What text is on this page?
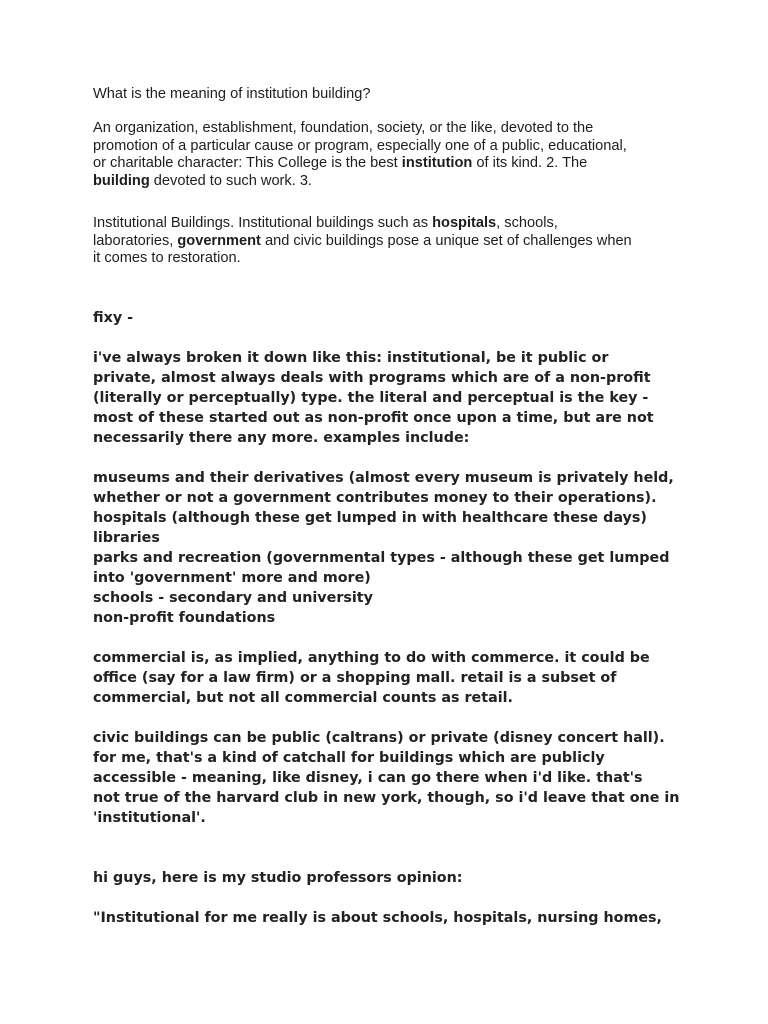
What is the meaning of institution building?

An organization, establishment, foundation, society, or the like, devoted to the
promotion of a particular cause or program, especially one of a public, educational,
or charitable character: This College is the best institution of its kind. 2. The
building devoted to such work. 3.

Institutional Buildings. Institutional buildings such as hospitals, schools,
laboratories, government and civic buildings pose a unique set of challenges when
it comes to restoration.

fixy -
i've always broken it down like this: institutional, be it public or
private, almost always deals with programs which are of a non-profit
(literally or perceptually) type. the literal and perceptual is the key -
most of these started out as non-profit once upon a time, but are not
necessarily there any more. examples include:
museums and their derivatives (almost every museum is privately held,
whether or not a government contributes money to their operations).
hospitals (although these get lumped in with healthcare these days)
libraries
parks and recreation (governmental types - although these get lumped
into 'government' more and more)
schools - secondary and university
non-profit foundations
commercial is, as implied, anything to do with commerce. it could be
office (say for a law firm) or a shopping mall. retail is a subset of
commercial, but not all commercial counts as retail.
civic buildings can be public (caltrans) or private (disney concert hall).
for me, that's a kind of catchall for buildings which are publicly
accessible - meaning, like disney, i can go there when i'd like. that's
not true of the harvard club in new york, though, so i'd leave that one in
'institutional'.
hi guys, here is my studio professors opinion:
"Institutional for me really is about schools, hospitals, nursing homes,
